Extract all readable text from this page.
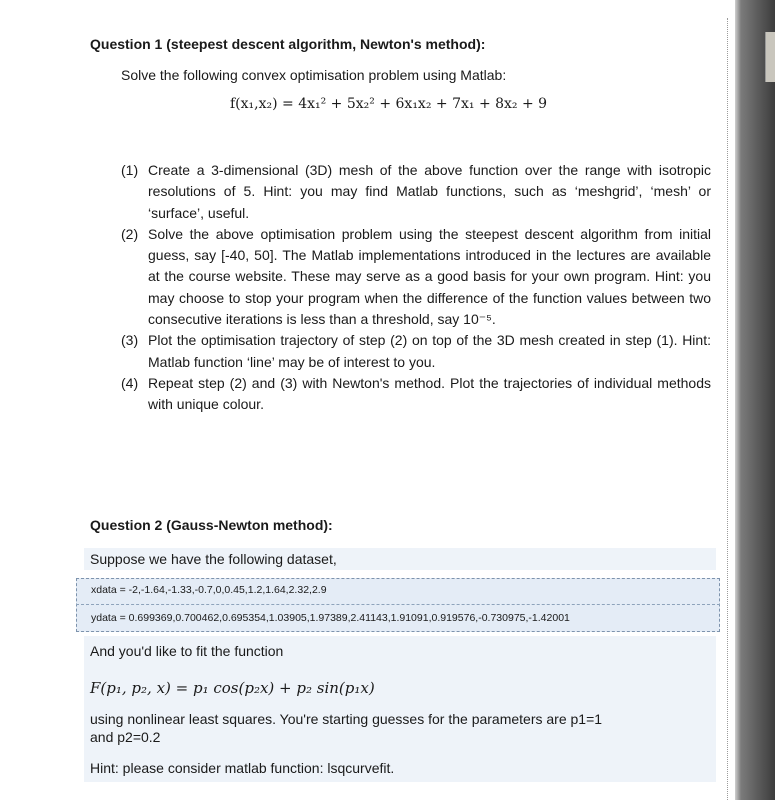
Question 1 (steepest descent algorithm, Newton's method):
Solve the following convex optimisation problem using Matlab:
f(x₁,x₂) = 4x₁² + 5x₂² + 6x₁x₂ + 7x₁ + 8x₂ + 9
(1) Create a 3-dimensional (3D) mesh of the above function over the range with isotropic resolutions of 5. Hint: you may find Matlab functions, such as ‘meshgrid’, ‘mesh’ or ‘surface’, useful.
(2) Solve the above optimisation problem using the steepest descent algorithm from initial guess, say [-40, 50]. The Matlab implementations introduced in the lectures are available at the course website. These may serve as a good basis for your own program. Hint: you may choose to stop your program when the difference of the function values between two consecutive iterations is less than a threshold, say 10⁻⁵.
(3) Plot the optimisation trajectory of step (2) on top of the 3D mesh created in step (1). Hint: Matlab function ‘line’ may be of interest to you.
(4) Repeat step (2) and (3) with Newton's method. Plot the trajectories of individual methods with unique colour.
Question 2 (Gauss-Newton method):
Suppose we have the following dataset,
xdata = -2,-1.64,-1.33,-0.7,0,0.45,1.2,1.64,2.32,2.9
ydata = 0.699369,0.700462,0.695354,1.03905,1.97389,2.41143,1.91091,0.919576,-0.730975,-1.42001
And you'd like to fit the function
F(p₁, p₂, x) = p₁ cos(p₂x) + p₂ sin(p₁x)
using nonlinear least squares. You're starting guesses for the parameters are p1=1
and p2=0.2
Hint: please consider matlab function: lsqcurvefit.
